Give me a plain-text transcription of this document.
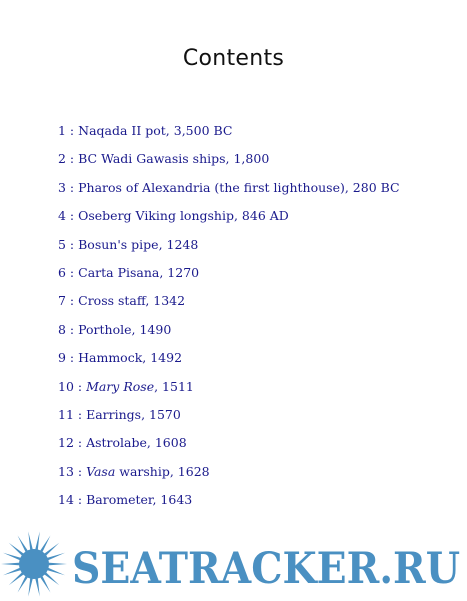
Contents
1 : Naqada II pot, 3,500 BC
2 : BC Wadi Gawasis ships, 1,800
3 : Pharos of Alexandria (the first lighthouse), 280 BC
4 : Oseberg Viking longship, 846 AD
5 : Bosun's pipe, 1248
6 : Carta Pisana, 1270
7 : Cross staff, 1342
8 : Porthole, 1490
9 : Hammock, 1492
10 : Mary Rose, 1511
11 : Earrings, 1570
12 : Astrolabe, 1608
13 : Vasa warship, 1628
14 : Barometer, 1643
SEATRACKER.RU
